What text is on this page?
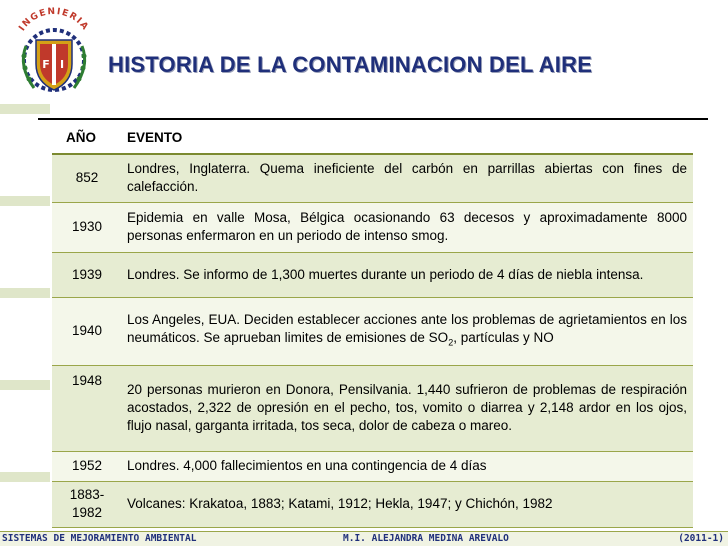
INGENIERIA
F I HISTORIA DE LA CONTAMINACION DEL AIRE
AÑO	EVENTO
852	Londres, Inglaterra. Quema ineficiente del carbón en parrillas abiertas con fines de calefacción.
1930	Epidemia en valle Mosa, Bélgica ocasionando 63 decesos y aproximadamente 8000 personas enfermaron en un periodo de intenso smog.
1939	Londres. Se informo de 1,300 muertes durante un periodo de 4 días de niebla intensa.
1940	Los Angeles, EUA. Deciden establecer acciones ante los problemas de agrietamientos en los neumáticos. Se aprueban limites de emisiones de $SO_2$, partículas y NO
1948	20 personas murieron en Donora, Pensilvania. 1,440 sufrieron de problemas de respiración acostados, 2,322 de opresión en el pecho, tos, vomito o diarrea y 2,148 ardor en los ojos, flujo nasal, garganta irritada, tos seca, dolor de cabeza o mareo.
1952	Londres. 4,000 fallecimientos en una contingencia de 4 días
1883-1982	Volcanes: Krakatoa, 1883; Katami, 1912; Hekla, 1947; y Chichón, 1982
SISTEMAS DE MEJORAMIENTO AMBIENTAL	M.I. ALEJANDRA MEDINA AREVALO	(2011-1)
